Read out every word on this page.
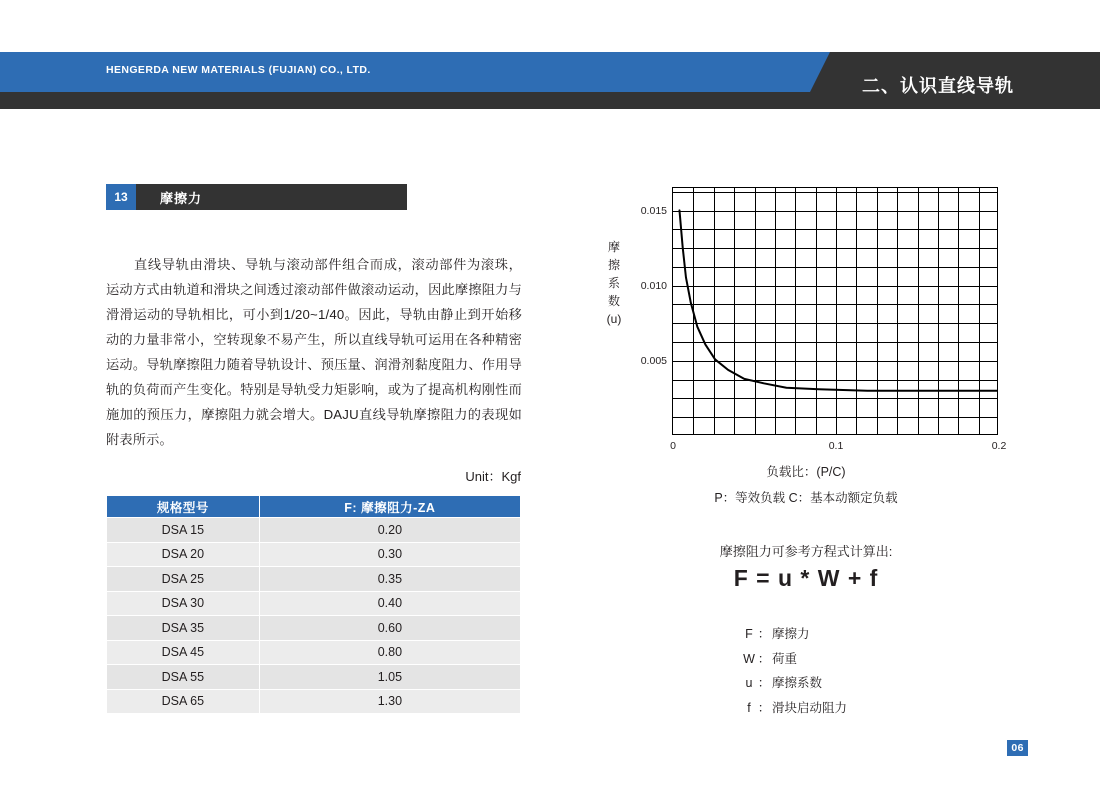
HENGERDA NEW MATERIALS (FUJIAN) CO., LTD.
二、认识直线导轨
13	摩擦力
直线导轨由滑块、导轨与滚动部件组合而成，滚动部件为滚珠，运动方式由轨道和滑块之间透过滚动部件做滚动运动，因此摩擦阻力与滑滑运动的导轨相比，可小到1/20~1/40。因此，导轨由静止到开始移动的力量非常小，空转现象不易产生，所以直线导轨可运用在各种精密运动。导轨摩擦阻力随着导轨设计、预压量、润滑剂黏度阻力、作用导轨的负荷而产生变化。特别是导轨受力矩影响，或为了提高机构刚性而施加的预压力，摩擦阻力就会增大。DAJU直线导轨摩擦阻力的表现如附表所示。
Unit：Kgf
规格型号	F: 摩擦阻力-ZA
DSA 15	0.20
DSA 20	0.30
DSA 25	0.35
DSA 30	0.40
DSA 35	0.60
DSA 45	0.80
DSA 55	1.05
DSA 65	1.30
摩
擦
系
数
(u)
0.005
0.010
0.015
0	0.1	0.2
负载比：(P/C)
P：等效负载 C：基本动额定负载
摩擦阻力可参考方程式计算出:
F = u * W + f
F ： 摩擦力
W ： 荷重
u ： 摩擦系数
f ： 滑块启动阻力
06
